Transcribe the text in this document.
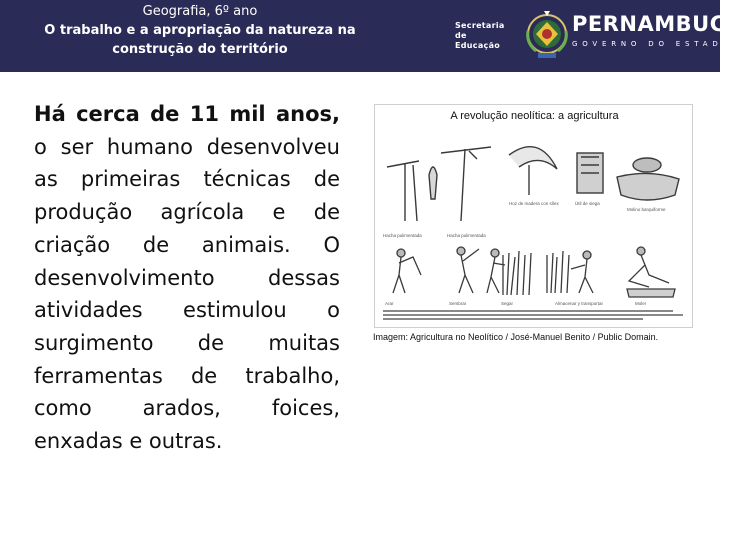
Geografia, 6º ano
O trabalho e a apropriação da natureza na
construção do território
Secretaria de
Educação
PERNAMBUCO
GOVERNO DO ESTADO
Há cerca de 11 mil anos, o ser humano desenvolveu as primeiras técnicas de produção agrícola e de criação de animais. O desenvolvimento dessas atividades estimulou o surgimento de muitas ferramentas de trabalho, como arados, foices, enxadas e outras.
A revolução neolítica: a agricultura
Hacha pulimentada	Hacha pulimentada
Hoz de madera con sílex	Útil de siega
Molino barquiforme
Arar	Sembrar	Segar	Almacenar y transportar	Moler
Imagem: Agricultura no Neolítico / José-Manuel Benito / Public Domain.
